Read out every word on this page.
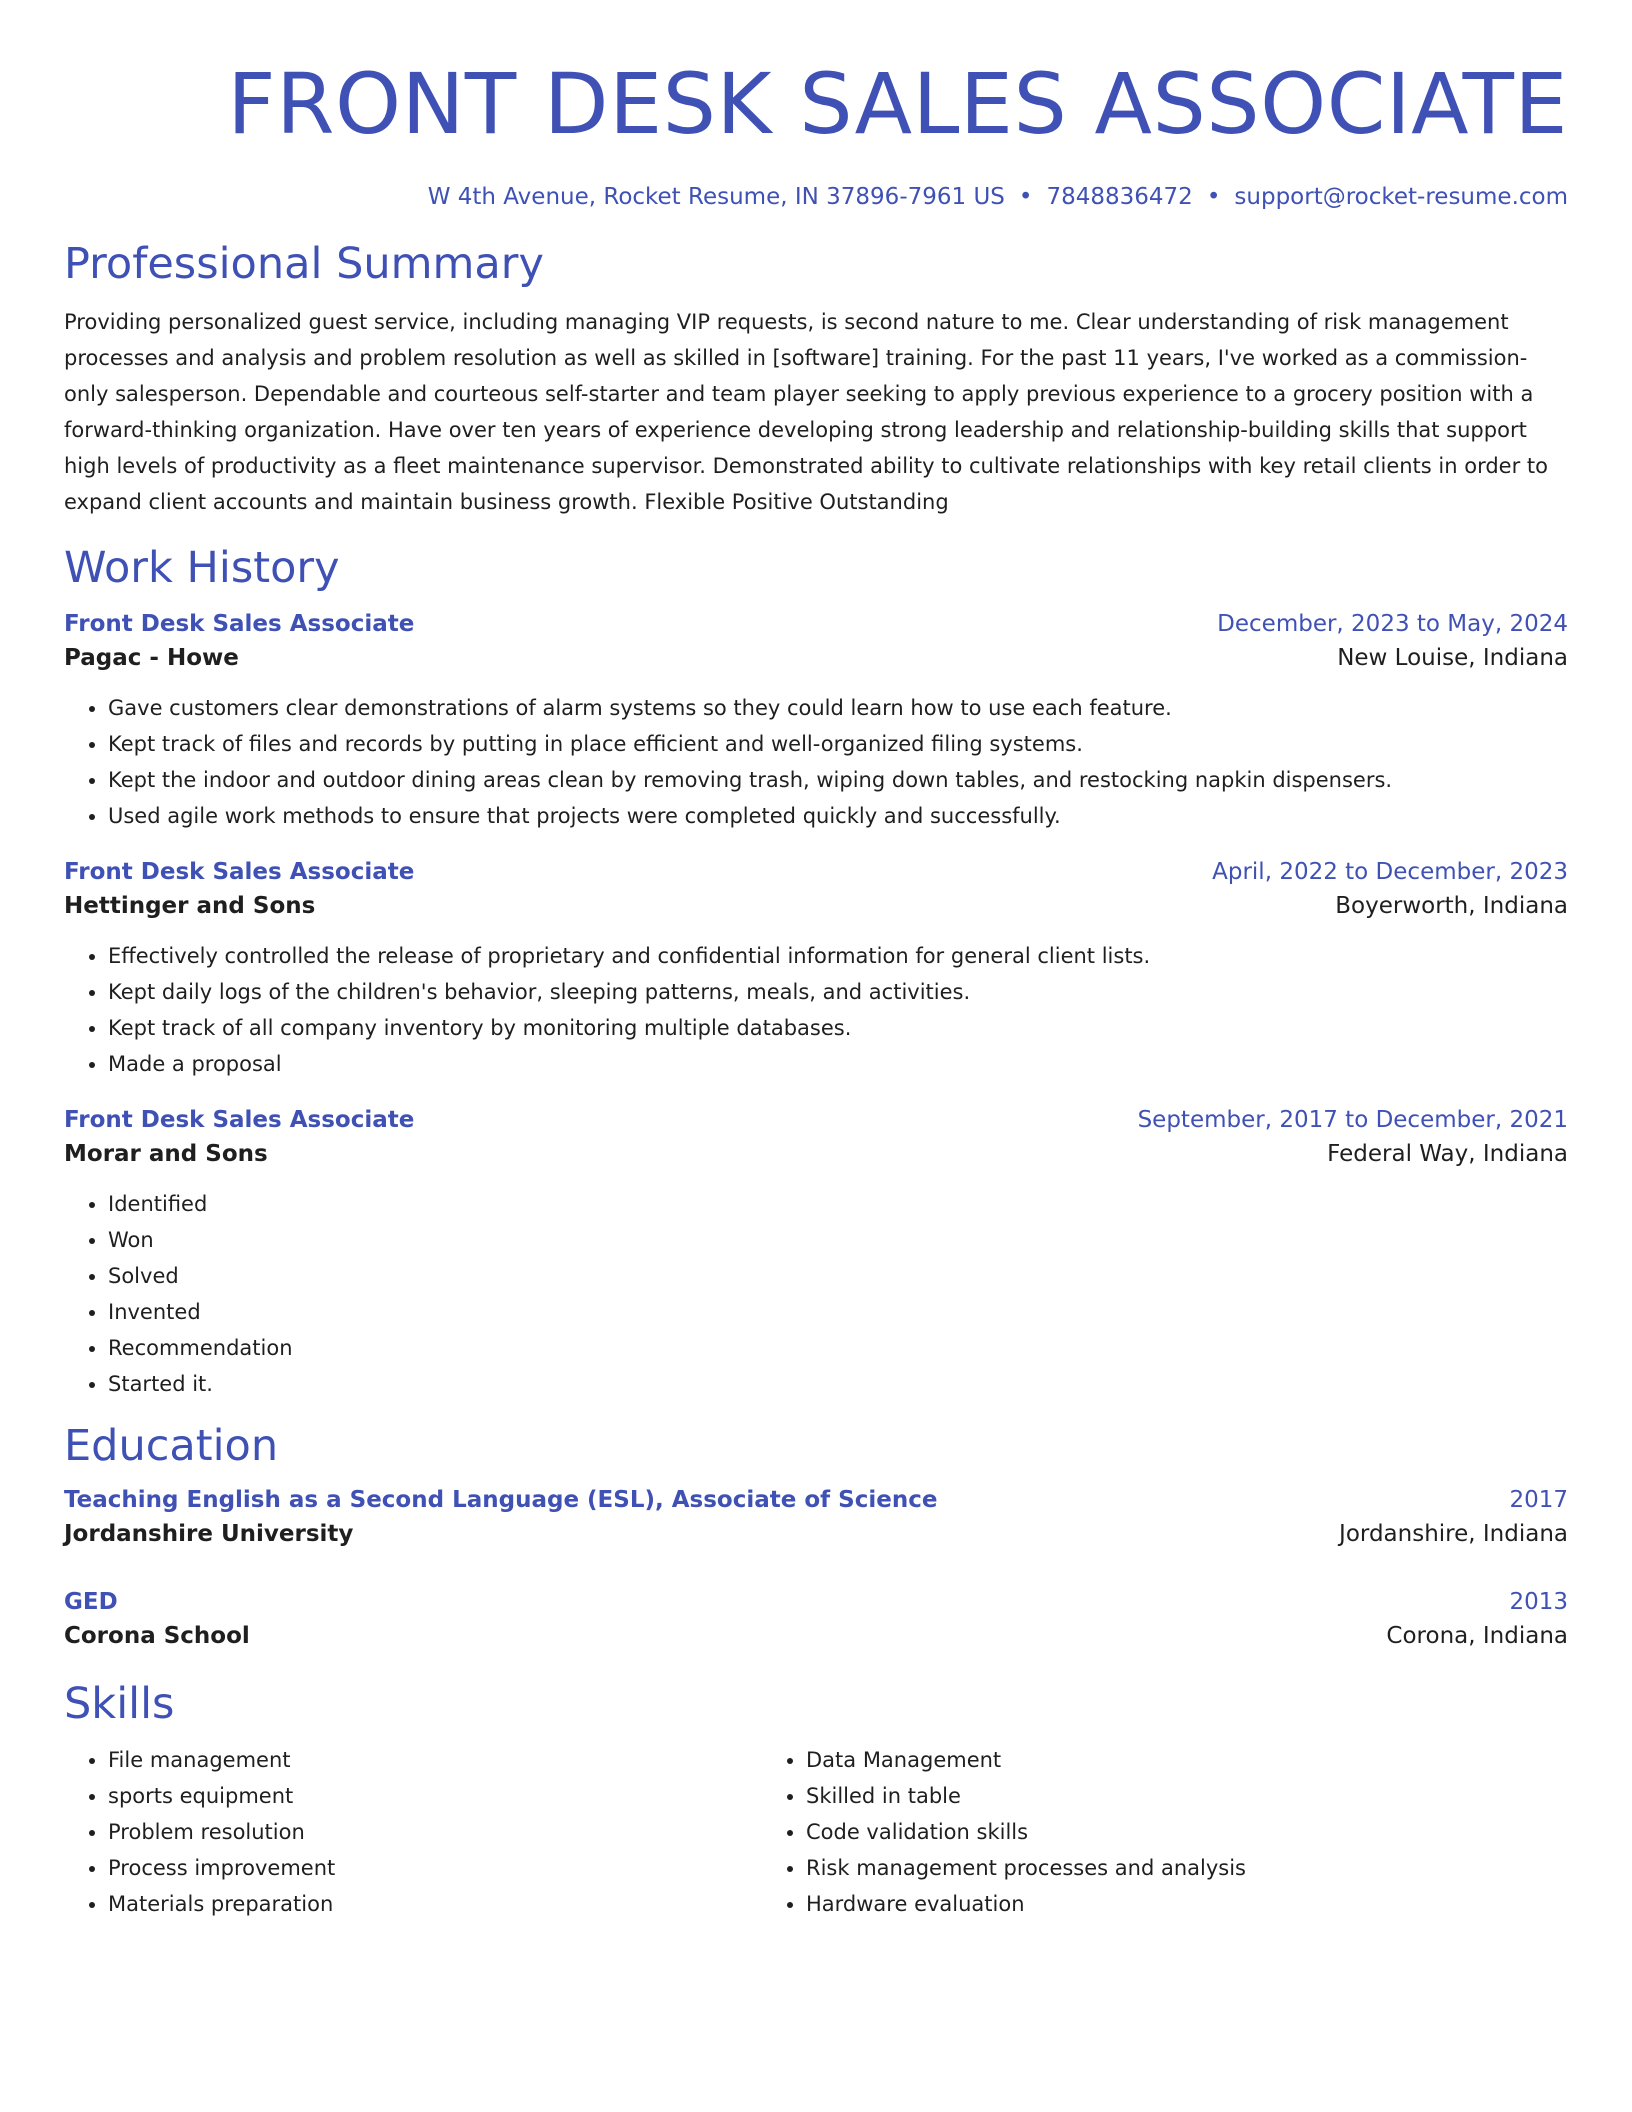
FRONT DESK SALES ASSOCIATE
W 4th Avenue, Rocket Resume, IN 37896-7961 US • 7848836472 • support@rocket-resume.com
Professional Summary

Providing personalized guest service, including managing VIP requests, is second nature to me. Clear understanding of risk management processes and analysis and problem resolution as well as skilled in [software] training. For the past 11 years, I've worked as a commission-only salesperson. Dependable and courteous self-starter and team player seeking to apply previous experience to a grocery position with a forward-thinking organization. Have over ten years of experience developing strong leadership and relationship-building skills that support high levels of productivity as a fleet maintenance supervisor. Demonstrated ability to cultivate relationships with key retail clients in order to expand client accounts and maintain business growth. Flexible Positive Outstanding

Work History
Front Desk Sales Associate	December, 2023 to May, 2024
Pagac - Howe	New Louise, Indiana
• Gave customers clear demonstrations of alarm systems so they could learn how to use each feature.
• Kept track of files and records by putting in place efficient and well-organized filing systems.
• Kept the indoor and outdoor dining areas clean by removing trash, wiping down tables, and restocking napkin dispensers.
• Used agile work methods to ensure that projects were completed quickly and successfully.
Front Desk Sales Associate	April, 2022 to December, 2023
Hettinger and Sons	Boyerworth, Indiana
• Effectively controlled the release of proprietary and confidential information for general client lists.
• Kept daily logs of the children's behavior, sleeping patterns, meals, and activities.
• Kept track of all company inventory by monitoring multiple databases.
• Made a proposal
Front Desk Sales Associate	September, 2017 to December, 2021
Morar and Sons	Federal Way, Indiana
• Identified
• Won
• Solved
• Invented
• Recommendation
• Started it.
Education
Teaching English as a Second Language (ESL), Associate of Science	2017
Jordanshire University	Jordanshire, Indiana
GED	2013
Corona School	Corona, Indiana
Skills
• File management
• sports equipment
• Problem resolution
• Process improvement
• Materials preparation
• Data Management
• Skilled in table
• Code validation skills
• Risk management processes and analysis
• Hardware evaluation
